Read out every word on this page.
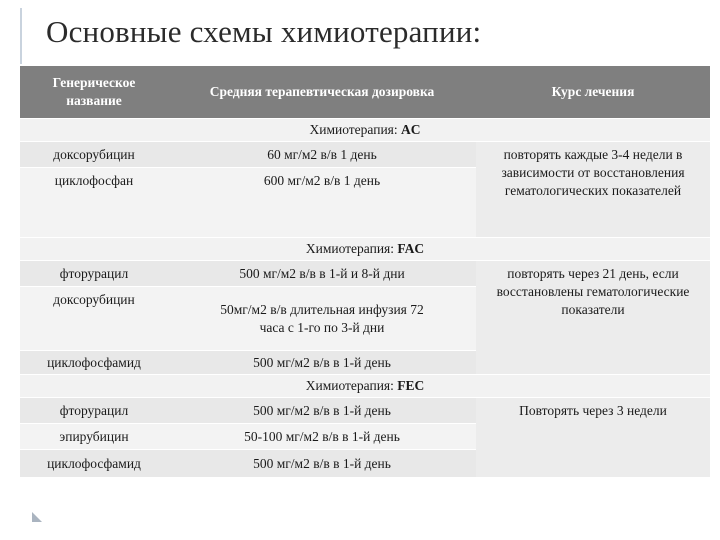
Основные схемы химиотерапии:
Генерическое название	Средняя терапевтическая дозировка	Курс лечения
Химиотерапия: AC		
доксорубицин	60 мг/м2 в/в 1 день	повторять каждые 3-4 недели в зависимости от восстановления гематологических показателей
циклофосфан	600 мг/м2 в/в 1 день	
Химиотерапия: FAC		
фторурацил	500 мг/м2 в/в в 1-й и 8-й дни	повторять через 21 день, если восстановлены гематологические показатели
доксорубицин	50мг/м2 в/в длительная инфузия 72 часа с 1-го по 3-й дни	
циклофосфамид	500 мг/м2 в/в в 1-й день	
Химиотерапия: FEC		
фторурацил	500 мг/м2 в/в в 1-й день	Повторять через 3 недели
эпирубицин	50-100 мг/м2 в/в в 1-й день	
циклофосфамид	500 мг/м2 в/в в 1-й день	
